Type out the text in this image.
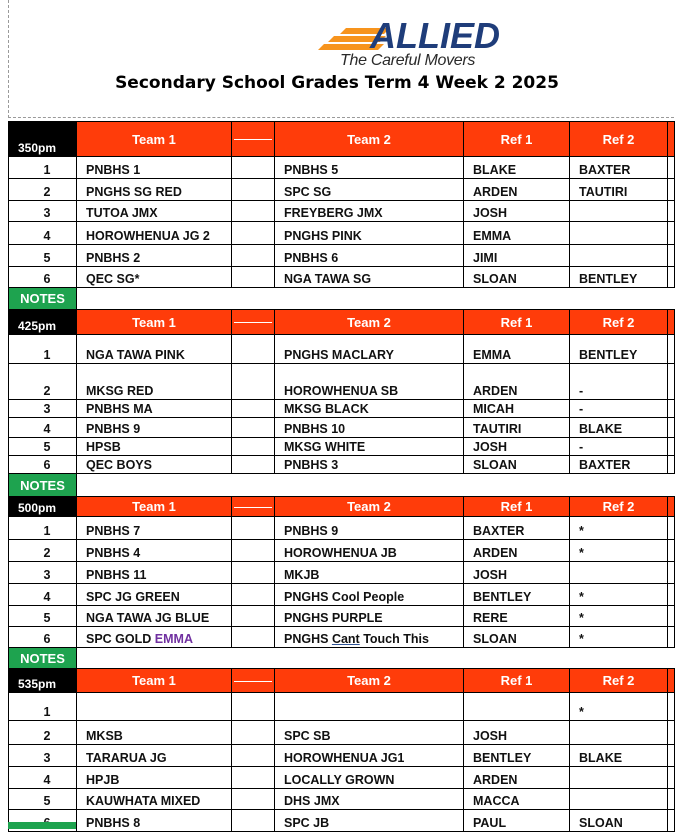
ALLIED
The Careful Movers
Secondary School Grades Term 4 Week 2 2025
350pm	Team 1		Team 2	Ref 1	Ref 2	
1	PNBHS 1		PNBHS 5	BLAKE	BAXTER	
2	PNGHS SG RED		SPC SG	ARDEN	TAUTIRI	
3	TUTOA JMX		FREYBERG JMX	JOSH		
4	HOROWHENUA JG 2		PNGHS PINK	EMMA		
5	PNBHS 2		PNBHS 6	JIMI		
6	QEC SG*		NGA TAWA SG	SLOAN	BENTLEY	
NOTES						
425pm	Team 1		Team 2	Ref 1	Ref 2	
1	NGA TAWA PINK		PNGHS MACLARY	EMMA	BENTLEY	
2	MKSG RED		HOROWHENUA SB	ARDEN	-	
3	PNBHS MA		MKSG BLACK	MICAH	-	
4	PNBHS 9		PNBHS 10	TAUTIRI	BLAKE	
5	HPSB		MKSG WHITE	JOSH	-	
6	QEC BOYS		PNBHS 3	SLOAN	BAXTER	
NOTES						
500pm	Team 1		Team 2	Ref 1	Ref 2	
1	PNBHS 7		PNBHS 9	BAXTER	*	
2	PNBHS 4		HOROWHENUA JB	ARDEN	*	
3	PNBHS 11		MKJB	JOSH		
4	SPC JG GREEN		PNGHS Cool People	BENTLEY	*	
5	NGA TAWA JG BLUE		PNGHS PURPLE	RERE	*	
6	SPC GOLD EMMA		PNGHS Cant Touch This	SLOAN	*	
NOTES						
535pm	Team 1		Team 2	Ref 1	Ref 2	
1					*	
2	MKSB		SPC SB	JOSH		
3	TARARUA JG		HOROWHENUA JG1	BENTLEY	BLAKE	
4	HPJB		LOCALLY GROWN	ARDEN		
5	KAUWHATA MIXED		DHS JMX	MACCA		
	PNBHS 8		SPC JB	PAUL	SLOAN	
